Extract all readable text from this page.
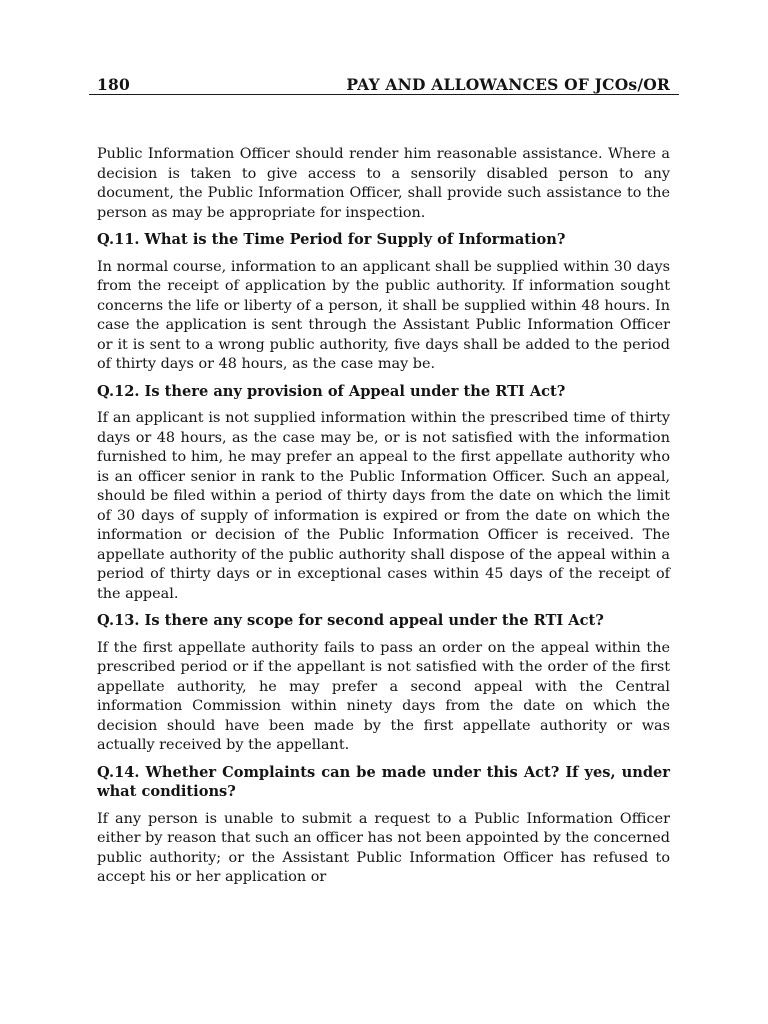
180	PAY AND ALLOWANCES OF JCOs/OR

Public Information Officer should render him reasonable assistance. Where a decision is taken to give access to a sensorily disabled person to any document, the Public Information Officer, shall provide such assistance to the person as may be appropriate for inspection.

Q.11. What is the Time Period for Supply of Information?

In normal course, information to an applicant shall be supplied within 30 days from the receipt of application by the public authority. If information sought concerns the life or liberty of a person, it shall be supplied within 48 hours. In case the application is sent through the Assistant Public Information Officer or it is sent to a wrong public authority, five days shall be added to the period of thirty days or 48 hours, as the case may be.

Q.12. Is there any provision of Appeal under the RTI Act?

If an applicant is not supplied information within the prescribed time of thirty days or 48 hours, as the case may be, or is not satisfied with the information furnished to him, he may prefer an appeal to the first appellate authority who is an officer senior in rank to the Public Information Officer. Such an appeal, should be filed within a period of thirty days from the date on which the limit of 30 days of supply of information is expired or from the date on which the information or decision of the Public Information Officer is received. The appellate authority of the public authority shall dispose of the appeal within a period of thirty days or in exceptional cases within 45 days of the receipt of the appeal.

Q.13. Is there any scope for second appeal under the RTI Act?

If the first appellate authority fails to pass an order on the appeal within the prescribed period or if the appellant is not satisfied with the order of the first appellate authority, he may prefer a second appeal with the Central information Commission within ninety days from the date on which the decision should have been made by the first appellate authority or was actually received by the appellant.

Q.14. Whether Complaints can be made under this Act? If yes, under what conditions?

If any person is unable to submit a request to a Public Information Officer either by reason that such an officer has not been appointed by the concerned public authority; or the Assistant Public Information Officer has refused to accept his or her application or
